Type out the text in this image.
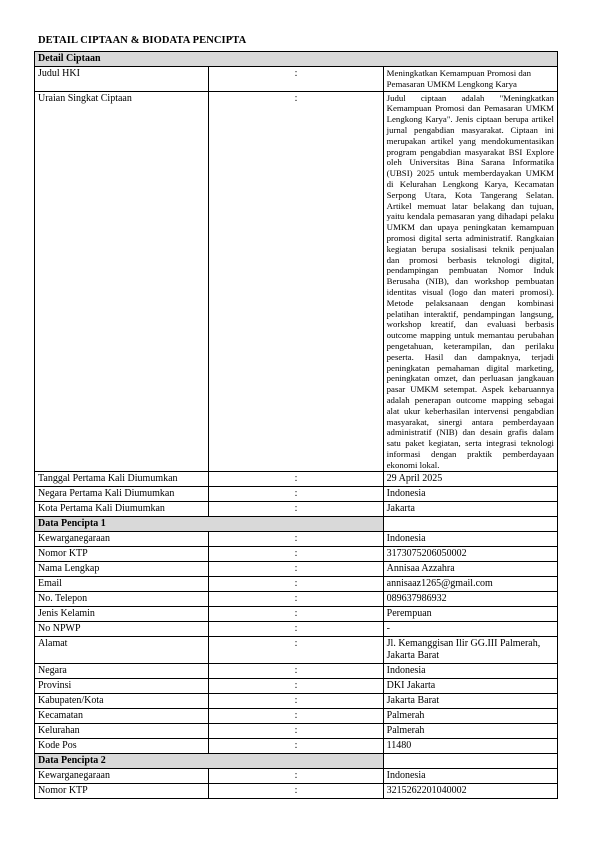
DETAIL CIPTAAN & BIODATA PENCIPTA
Detail Ciptaan		
Judul HKI	:	Meningkatkan Kemampuan Promosi dan Pemasaran UMKM Lengkong Karya
Uraian Singkat Ciptaan	:	Judul ciptaan adalah "Meningkatkan Kemampuan Promosi dan Pemasaran UMKM Lengkong Karya". Jenis ciptaan berupa artikel jurnal pengabdian masyarakat. Ciptaan ini merupakan artikel yang mendokumentasikan program pengabdian masyarakat BSI Explore oleh Universitas Bina Sarana Informatika (UBSI) 2025 untuk memberdayakan UMKM di Kelurahan Lengkong Karya, Kecamatan Serpong Utara, Kota Tangerang Selatan. Artikel memuat latar belakang dan tujuan, yaitu kendala pemasaran yang dihadapi pelaku UMKM dan upaya peningkatan kemampuan promosi digital serta administratif. Rangkaian kegiatan berupa sosialisasi teknik penjualan dan promosi berbasis teknologi digital, pendampingan pembuatan Nomor Induk Berusaha (NIB), dan workshop pembuatan identitas visual (logo dan materi promosi). Metode pelaksanaan dengan kombinasi pelatihan interaktif, pendampingan langsung, workshop kreatif, dan evaluasi berbasis outcome mapping untuk memantau perubahan pengetahuan, keterampilan, dan perilaku peserta. Hasil dan dampaknya, terjadi peningkatan pemahaman digital marketing, peningkatan omzet, dan perluasan jangkauan pasar UMKM setempat. Aspek kebaruannya adalah penerapan outcome mapping sebagai alat ukur keberhasilan intervensi pengabdian masyarakat, sinergi antara pemberdayaan administratif (NIB) dan desain grafis dalam satu paket kegiatan, serta integrasi teknologi informasi dengan praktik pemberdayaan ekonomi lokal.
Tanggal Pertama Kali Diumumkan	:	29 April 2025
Negara Pertama Kali Diumumkan	:	Indonesia
Kota Pertama Kali Diumumkan	:	Jakarta
Data Pencipta 1		
Kewarganegaraan	:	Indonesia
Nomor KTP	:	3173075206050002
Nama Lengkap	:	Annisaa Azzahra
Email	:	annisaaz1265@gmail.com
No. Telepon	:	089637986932
Jenis Kelamin	:	Perempuan
No NPWP	:	-
Alamat	:	Jl. Kemanggisan Ilir GG.III Palmerah, Jakarta Barat
Negara	:	Indonesia
Provinsi	:	DKI Jakarta
Kabupaten/Kota	:	Jakarta Barat
Kecamatan	:	Palmerah
Kelurahan	:	Palmerah
Kode Pos	:	11480
Data Pencipta 2		
Kewarganegaraan	:	Indonesia
Nomor KTP	:	3215262201040002
